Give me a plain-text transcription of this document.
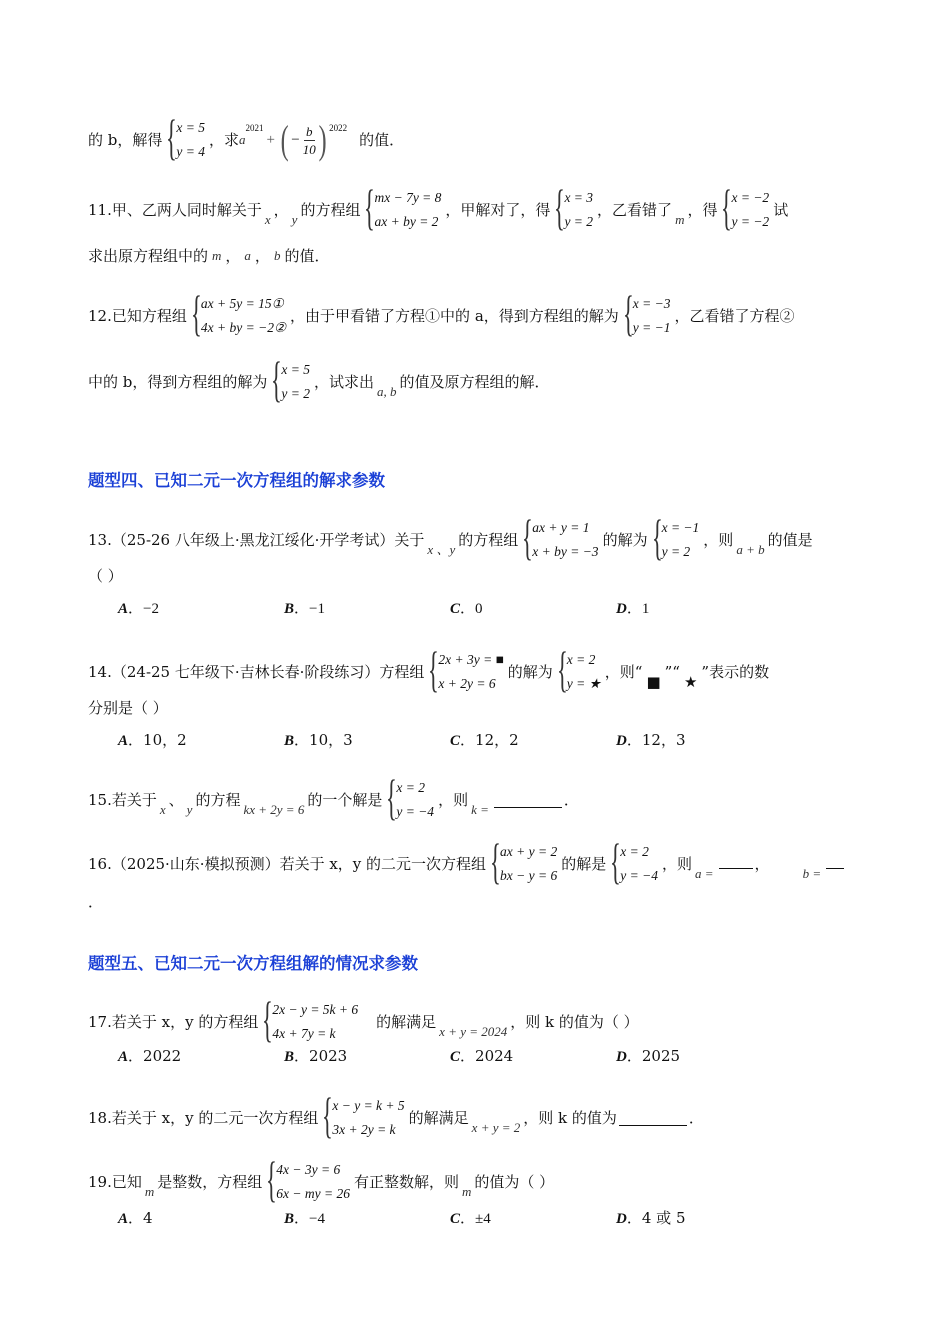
的 b，解得 { x = 5
y = 4
，求 a
2021
+ ( − $\frac{b}{10}$ ) 2022
的值．
11. 甲、乙两人同时解关于
x
，
y
的方程组 { mx − 7y = 8
ax + by = 2
，甲解对了，得 { x = 3
y = 2
，乙看错了
m
，得 { x = −2
y = −2
试
求出原方程组中的 m ， a ， b 的值．
12. 已知方程组 { ax + 5y = 15①
4x + by = −2②
，由于甲看错了方程①中的 a，得到方程组的解为 { x = −3
y = −1
，乙看错了方程②
中的 b，得到方程组的解为 { x = 5
y = 2
，试求出
a, b
的值及原方程组的解．
题型四、已知二元一次方程组的解求参数
13. （25-26 八年级上·黑龙江绥化·开学考试）关于
x 、y
的方程组 { ax + y = 1
x + by = −3
的解为 { x = −1
y = 2
，则
a + b
的值是
（ ）
A．−2	B．−1	C．0	D．1
14. （24-25 七年级下·吉林长春·阶段练习）方程组 { 2x + 3y = ■
x + 2y = 6
的解为 { x = 2
y = ★
，则“
■
”“
★
”表示的数
分别是（ ）
A．10，2	B．10，3	C．12，2	D．12，3
15. 若关于
x
、
y
的方程
kx + 2y = 6
的一个解是 { x = 2
y = −4
，则
k =
．
16. （2025·山东·模拟预测）若关于 x，y 的二元一次方程组 { ax + y = 2
bx − y = 6
的解是 { x = 2
y = −4
，则
a =
，
b =
．
题型五、已知二元一次方程组解的情况求参数
17. 若关于 x，y 的方程组 { 2x − y = 5k + 6
4x + 7y = k
的解满足
x + y = 2024
，则 k 的值为（ ）
A．2022	B．2023	C．2024	D．2025
18. 若关于 x，y 的二元一次方程组 { x − y = k + 5
3x + 2y = k
的解满足
x + y = 2
，则 k 的值为	．
19. 已知
m
是整数，方程组 { 4x − 3y = 6
6x − my = 26
有正整数解，则
m
的值为（ ）
A．4	B．−4	C．±4	D．4 或 5
